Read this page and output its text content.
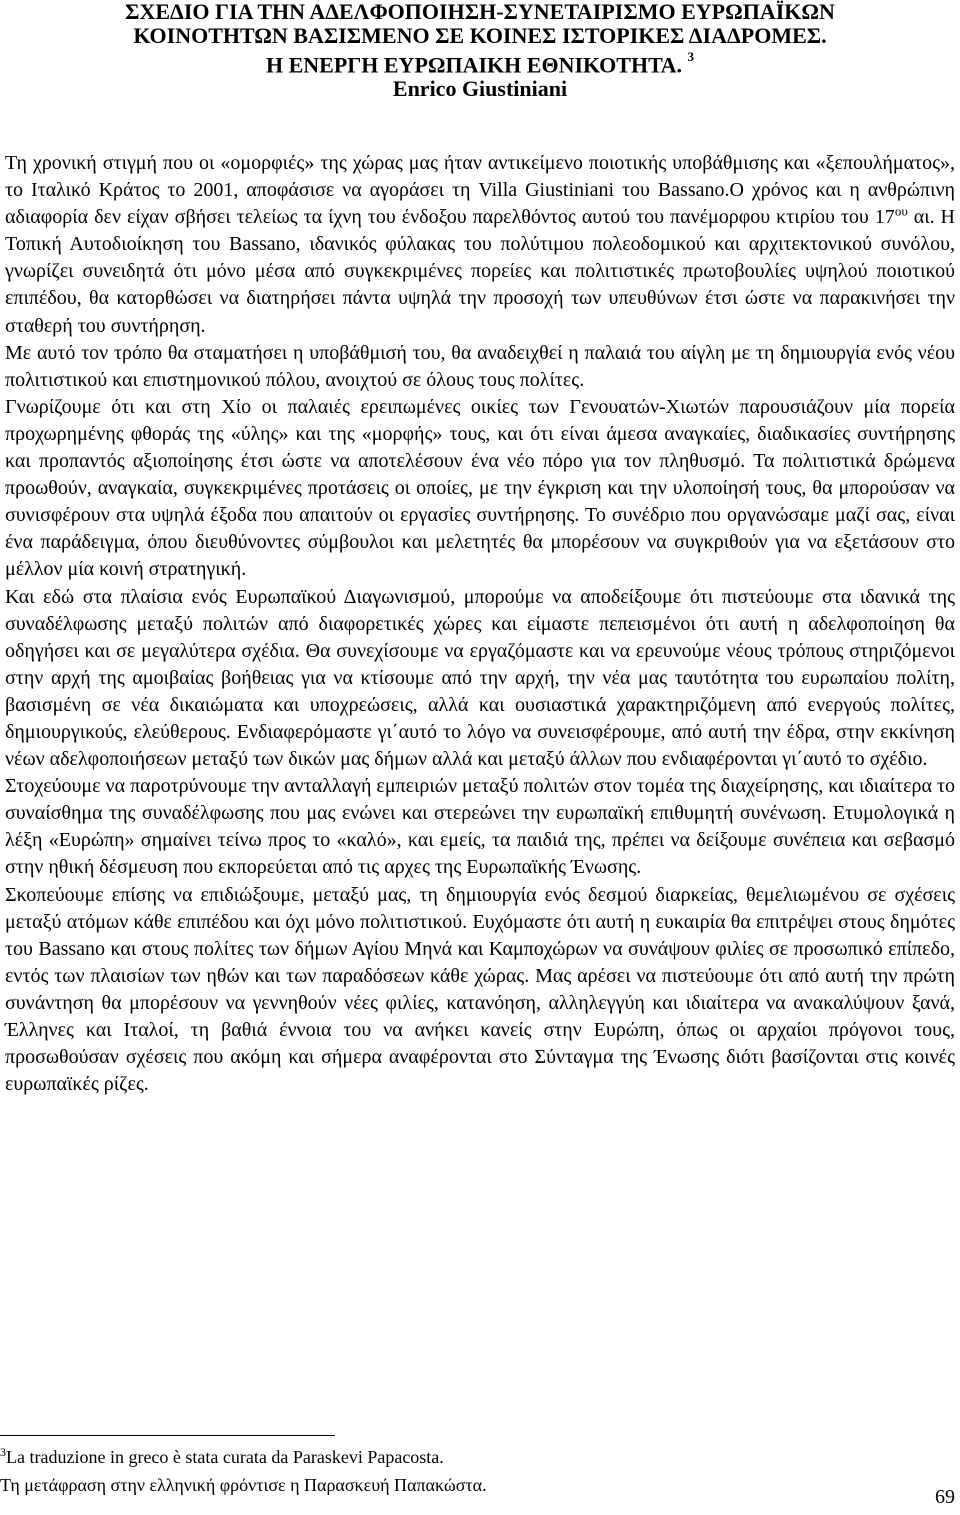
ΣΧΕΔΙΟ ΓΙΑ ΤΗΝ ΑΔΕΛΦΟΠΟΙΗΣΗ-ΣΥΝΕΤΑΙΡΙΣΜΟ ΕΥΡΩΠΑΪΚΩΝ
ΚΟΙΝΟΤΗΤΩΝ ΒΑΣΙΣΜΕΝΟ ΣΕ ΚΟΙΝΕΣ ΙΣΤΟΡΙΚΕΣ ΔΙΑΔΡΟΜΕΣ.
Η ΕΝΕΡΓΗ ΕΥΡΩΠΑΙΚΗ ΕΘΝΙΚΟΤΗΤΑ. $^3$
Enrico Giustiniani

Τη χρονική στιγμή που οι «ομορφιές» της χώρας μας ήταν αντικείμενο ποιοτικής υποβάθμισης και «ξεπουλήματος», το Ιταλικό Κράτος το 2001, αποφάσισε να αγοράσει τη Villa Giustiniani του Bassano.Ο χρόνος και η ανθρώπινη αδιαφορία δεν είχαν σβήσει τελείως τα ίχνη του ένδοξου παρελθόντος αυτού του πανέμορφου κτιρίου του $17^{o\upsilon}$ αι. Η Τοπική Αυτοδιοίκηση του Bassano, ιδανικός φύλακας του πολύτιμου πολεοδομικού και αρχιτεκτονικού συνόλου, γνωρίζει συνειδητά ότι μόνο μέσα από συγκεκριμένες πορείες και πολιτιστικές πρωτοβουλίες υψηλού ποιοτικού επιπέδου, θα κατορθώσει να διατηρήσει πάντα υψηλά την προσοχή των υπευθύνων έτσι ώστε να παρακινήσει την σταθερή του συντήρηση.

Με αυτό τον τρόπο θα σταματήσει η υποβάθμισή του, θα αναδειχθεί η παλαιά του αίγλη με τη δημιουργία ενός νέου πολιτιστικού και επιστημονικού πόλου, ανοιχτού σε όλους τους πολίτες.

Γνωρίζουμε ότι και στη Χίο οι παλαιές ερειπωμένες οικίες των Γενουατών-Χιωτών παρουσιάζουν μία πορεία προχωρημένης φθοράς της «ύλης» και της «μορφής» τους, και ότι είναι άμεσα αναγκαίες, διαδικασίες συντήρησης και προπαντός αξιοποίησης έτσι ώστε να αποτελέσουν ένα νέο πόρο για τον πληθυσμό. Τα πολιτιστικά δρώμενα προωθούν, αναγκαία, συγκεκριμένες προτάσεις οι οποίες, με την έγκριση και την υλοποίησή τους, θα μπορούσαν να συνισφέρουν στα υψηλά έξοδα που απαιτούν οι εργασίες συντήρησης. Το συνέδριο που οργανώσαμε μαζί σας, είναι ένα παράδειγμα, όπου διευθύνοντες σύμβουλοι και μελετητές θα μπορέσουν να συγκριθούν για να εξετάσουν στο μέλλον μία κοινή στρατηγική.

Και εδώ στα πλαίσια ενός Ευρωπαϊκού Διαγωνισμού, μπορούμε να αποδείξουμε ότι πιστεύουμε στα ιδανικά της συναδέλφωσης μεταξύ πολιτών από διαφορετικές χώρες και είμαστε πεπεισμένοι ότι αυτή η αδελφοποίηση θα οδηγήσει και σε μεγαλύτερα σχέδια. Θα συνεχίσουμε να εργαζόμαστε και να ερευνούμε νέους τρόπους στηριζόμενοι στην αρχή της αμοιβαίας βοήθειας για να κτίσουμε από την αρχή, την νέα μας ταυτότητα του ευρωπαίου πολίτη, βασισμένη σε νέα δικαιώματα και υποχρεώσεις, αλλά και ουσιαστικά χαρακτηριζόμενη από ενεργούς πολίτες, δημιουργικούς, ελεύθερους. Ενδιαφερόμαστε γι΄αυτό το λόγο να συνεισφέρουμε, από αυτή την έδρα, στην εκκίνηση νέων αδελφοποιήσεων μεταξύ των δικών μας δήμων αλλά και μεταξύ άλλων που ενδιαφέρονται γι΄αυτό το σχέδιο.

Στοχεύουμε να παροτρύνουμε την ανταλλαγή εμπειριών μεταξύ πολιτών στον τομέα της διαχείρησης, και ιδιαίτερα το συναίσθημα της συναδέλφωσης που μας ενώνει και στερεώνει την ευρωπαϊκή επιθυμητή συνένωση. Ετυμολογικά η λέξη «Ευρώπη» σημαίνει τείνω προς το «καλό», και εμείς, τα παιδιά της, πρέπει να δείξουμε συνέπεια και σεβασμό στην ηθική δέσμευση που εκπορεύεται από τις αρχες της Ευρωπαϊκής Ένωσης.

Σκοπεύουμε επίσης να επιδιώξουμε, μεταξύ μας, τη δημιουργία ενός δεσμού διαρκείας, θεμελιωμένου σε σχέσεις μεταξύ ατόμων κάθε επιπέδου και όχι μόνο πολιτιστικού. Ευχόμαστε ότι αυτή η ευκαιρία θα επιτρέψει στους δημότες του Bassano και στους πολίτες των δήμων Αγίου Μηνά και Καμποχώρων να συνάψουν φιλίες σε προσωπικό επίπεδο, εντός των πλαισίων των ηθών και των παραδόσεων κάθε χώρας. Μας αρέσει να πιστεύουμε ότι από αυτή την πρώτη συνάντηση θα μπορέσουν να γεννηθούν νέες φιλίες, κατανόηση, αλληλεγγύη και ιδιαίτερα να ανακαλύψουν ξανά, Έλληνες και Ιταλοί, τη βαθιά έννοια του να ανήκει κανείς στην Ευρώπη, όπως οι αρχαίοι πρόγονοι τους, προσωθούσαν σχέσεις που ακόμη και σήμερα αναφέρονται στο Σύνταγμα της Ένωσης διότι βασίζονται στις κοινές ευρωπαϊκές ρίζες.

$^3$La traduzione in greco è stata curata da Paraskevi Papacosta.
Τη μετάφραση στην ελληνική φρόντισε η Παρασκευή Παπακώστα.
69
